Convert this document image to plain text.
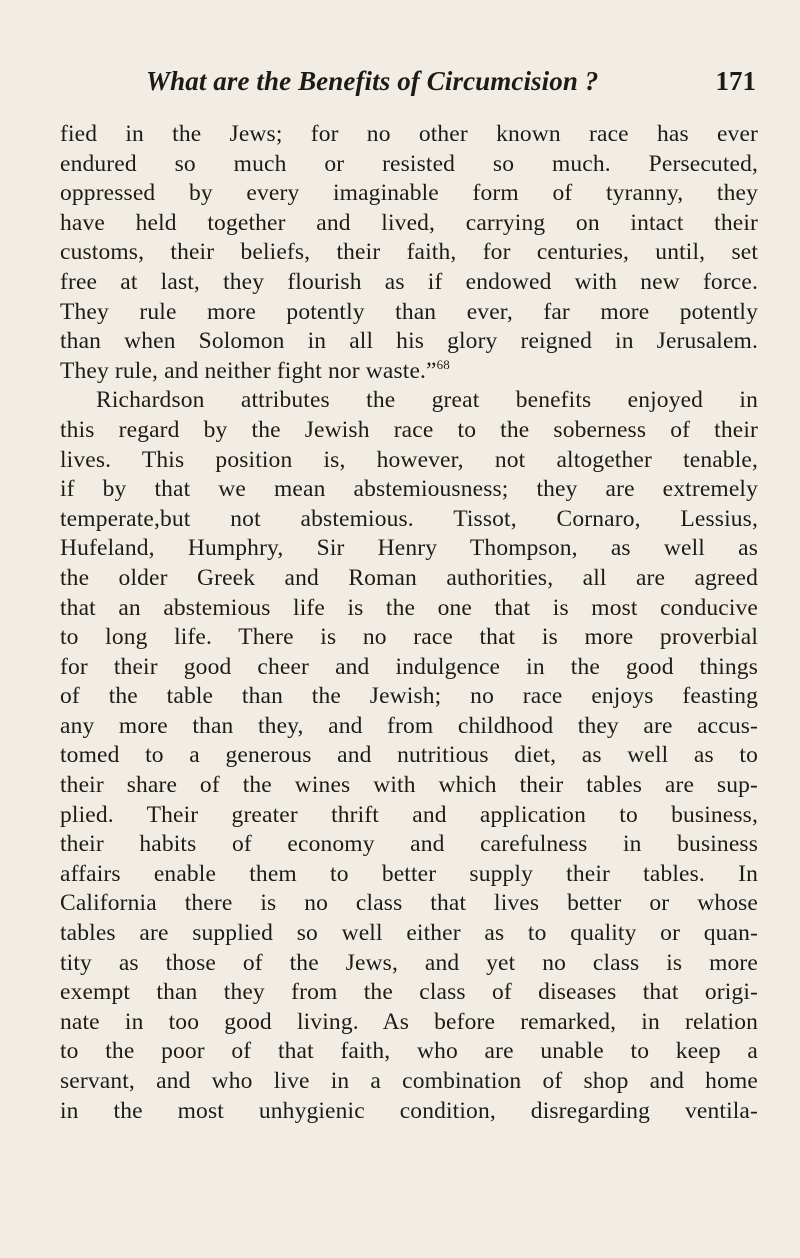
What are the Benefits of Circumcision ?	171
fied in the Jews; for no other known race has ever
endured so much or resisted so much. Persecuted,
oppressed by every imaginable form of tyranny, they
have held together and lived, carrying on intact their
customs, their beliefs, their faith, for centuries, until, set
free at last, they flourish as if endowed with new force.
They rule more potently than ever, far more potently
than when Solomon in all his glory reigned in Jerusalem.
They rule, and neither fight nor waste.”$^{68}$
Richardson attributes the great benefits enjoyed in
this regard by the Jewish race to the soberness of their
lives. This position is, however, not altogether tenable,
if by that we mean abstemiousness; they are extremely
temperate,but not abstemious. Tissot, Cornaro, Lessius,
Hufeland, Humphry, Sir Henry Thompson, as well as
the older Greek and Roman authorities, all are agreed
that an abstemious life is the one that is most conducive
to long life. There is no race that is more proverbial
for their good cheer and indulgence in the good things
of the table than the Jewish; no race enjoys feasting
any more than they, and from childhood they are accus-
tomed to a generous and nutritious diet, as well as to
their share of the wines with which their tables are sup-
plied. Their greater thrift and application to business,
their habits of economy and carefulness in business
affairs enable them to better supply their tables. In
California there is no class that lives better or whose
tables are supplied so well either as to quality or quan-
tity as those of the Jews, and yet no class is more
exempt than they from the class of diseases that origi-
nate in too good living. As before remarked, in relation
to the poor of that faith, who are unable to keep a
servant, and who live in a combination of shop and home
in the most unhygienic condition, disregarding ventila-
